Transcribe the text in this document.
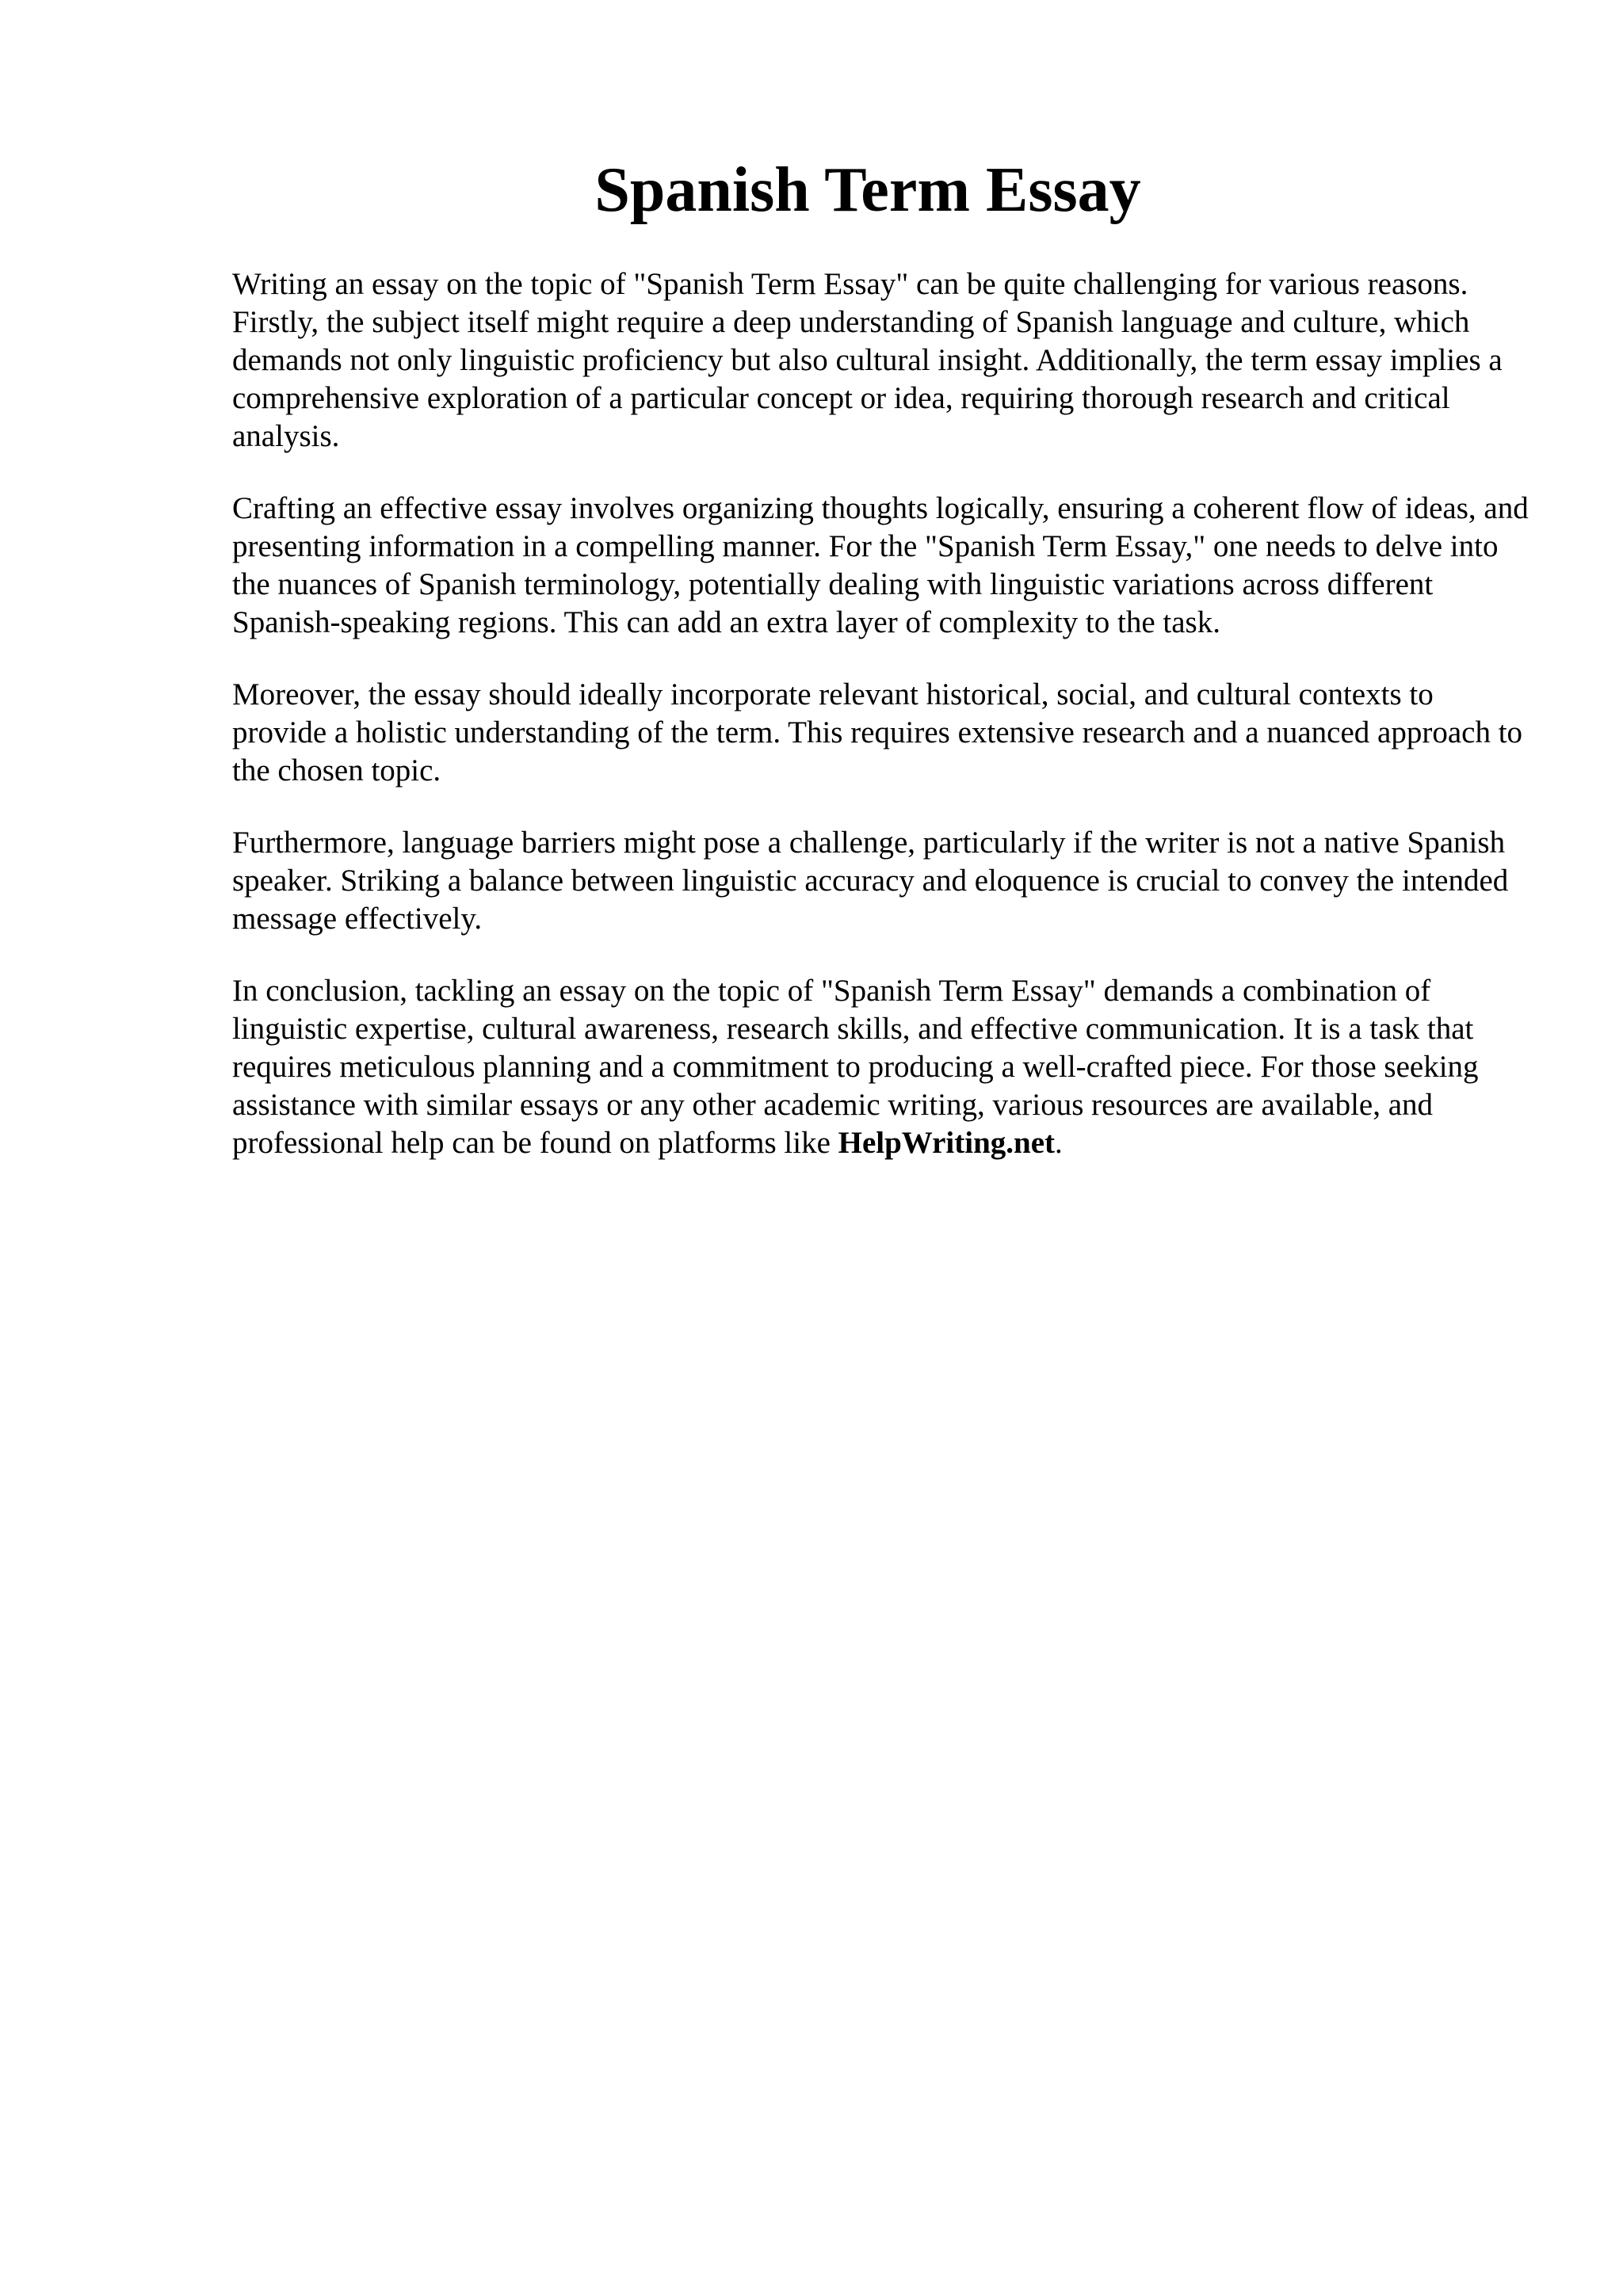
Spanish Term Essay

Writing an essay on the topic of "Spanish Term Essay" can be quite challenging for various reasons. Firstly, the subject itself might require a deep understanding of Spanish language and culture, which demands not only linguistic proficiency but also cultural insight. Additionally, the term essay implies a comprehensive exploration of a particular concept or idea, requiring thorough research and critical analysis.

Crafting an effective essay involves organizing thoughts logically, ensuring a coherent flow of ideas, and presenting information in a compelling manner. For the "Spanish Term Essay," one needs to delve into the nuances of Spanish terminology, potentially dealing with linguistic variations across different Spanish-speaking regions. This can add an extra layer of complexity to the task.

Moreover, the essay should ideally incorporate relevant historical, social, and cultural contexts to provide a holistic understanding of the term. This requires extensive research and a nuanced approach to the chosen topic.

Furthermore, language barriers might pose a challenge, particularly if the writer is not a native Spanish speaker. Striking a balance between linguistic accuracy and eloquence is crucial to convey the intended message effectively.

In conclusion, tackling an essay on the topic of "Spanish Term Essay" demands a combination of linguistic expertise, cultural awareness, research skills, and effective communication. It is a task that requires meticulous planning and a commitment to producing a well-crafted piece. For those seeking assistance with similar essays or any other academic writing, various resources are available, and professional help can be found on platforms like HelpWriting.net.
